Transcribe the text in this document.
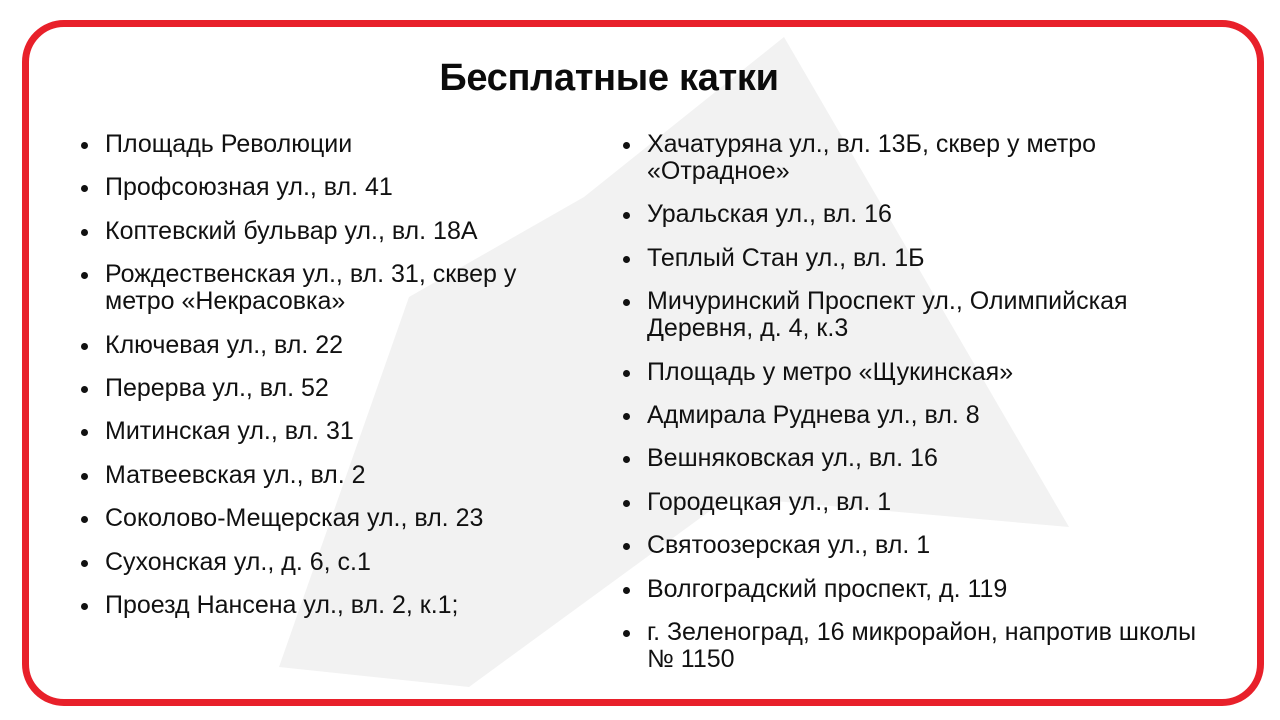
Бесплатные катки
Площадь Революции
Профсоюзная ул., вл. 41
Коптевский бульвар ул., вл. 18А
Рождественская ул., вл. 31, сквер у метро «Некрасовка»
Ключевая ул., вл. 22
Перерва ул., вл. 52
Митинская ул., вл. 31
Матвеевская ул., вл. 2
Соколово-Мещерская ул., вл. 23
Сухонская ул., д. 6, с.1
Проезд Нансена ул., вл. 2, к.1;
Хачатуряна ул., вл. 13Б, сквер у метро «Отрадное»
Уральская ул., вл. 16
Теплый Стан ул., вл. 1Б
Мичуринский Проспект ул., Олимпийская Деревня, д. 4, к.3
Площадь у метро «Щукинская»
Адмирала Руднева ул., вл. 8
Вешняковская ул., вл. 16
Городецкая ул., вл. 1
Святоозерская ул., вл. 1
Волгоградский проспект, д. 119
г. Зеленоград, 16 микрорайон, напротив школы № 1150
